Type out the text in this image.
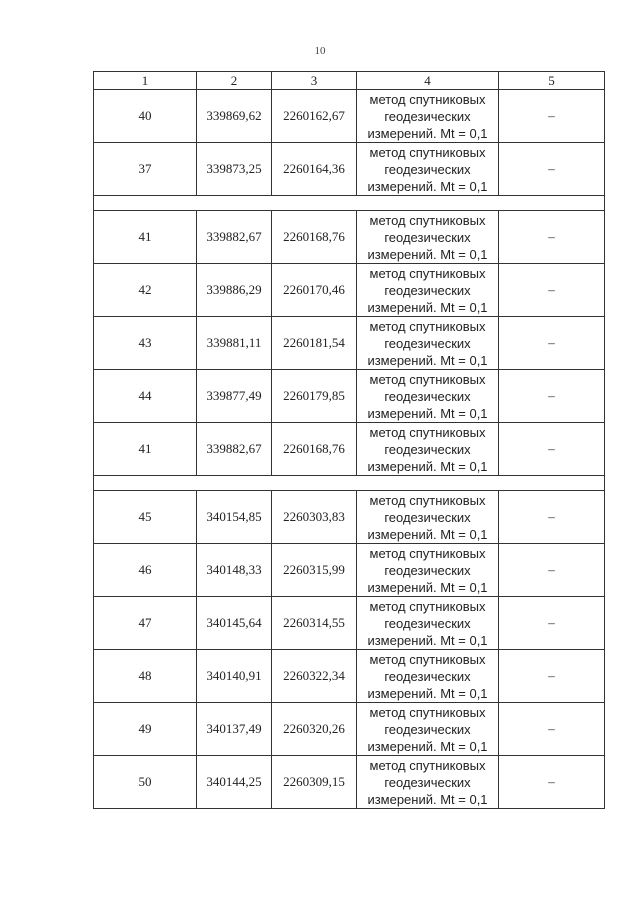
10
1	2	3	4	5
40	339869,62	2260162,67	метод спутниковых
геодезических
измерений. Mt = 0,1	–
37	339873,25	2260164,36	метод спутниковых
геодезических
измерений. Mt = 0,1	–

41	339882,67	2260168,76	метод спутниковых
геодезических
измерений. Mt = 0,1	–
42	339886,29	2260170,46	метод спутниковых
геодезических
измерений. Mt = 0,1	–
43	339881,11	2260181,54	метод спутниковых
геодезических
измерений. Mt = 0,1	–
44	339877,49	2260179,85	метод спутниковых
геодезических
измерений. Mt = 0,1	–
41	339882,67	2260168,76	метод спутниковых
геодезических
измерений. Mt = 0,1	–

45	340154,85	2260303,83	метод спутниковых
геодезических
измерений. Mt = 0,1	–
46	340148,33	2260315,99	метод спутниковых
геодезических
измерений. Mt = 0,1	–
47	340145,64	2260314,55	метод спутниковых
геодезических
измерений. Mt = 0,1	–
48	340140,91	2260322,34	метод спутниковых
геодезических
измерений. Mt = 0,1	–
49	340137,49	2260320,26	метод спутниковых
геодезических
измерений. Mt = 0,1	–
50	340144,25	2260309,15	метод спутниковых
геодезических
измерений. Mt = 0,1	–
